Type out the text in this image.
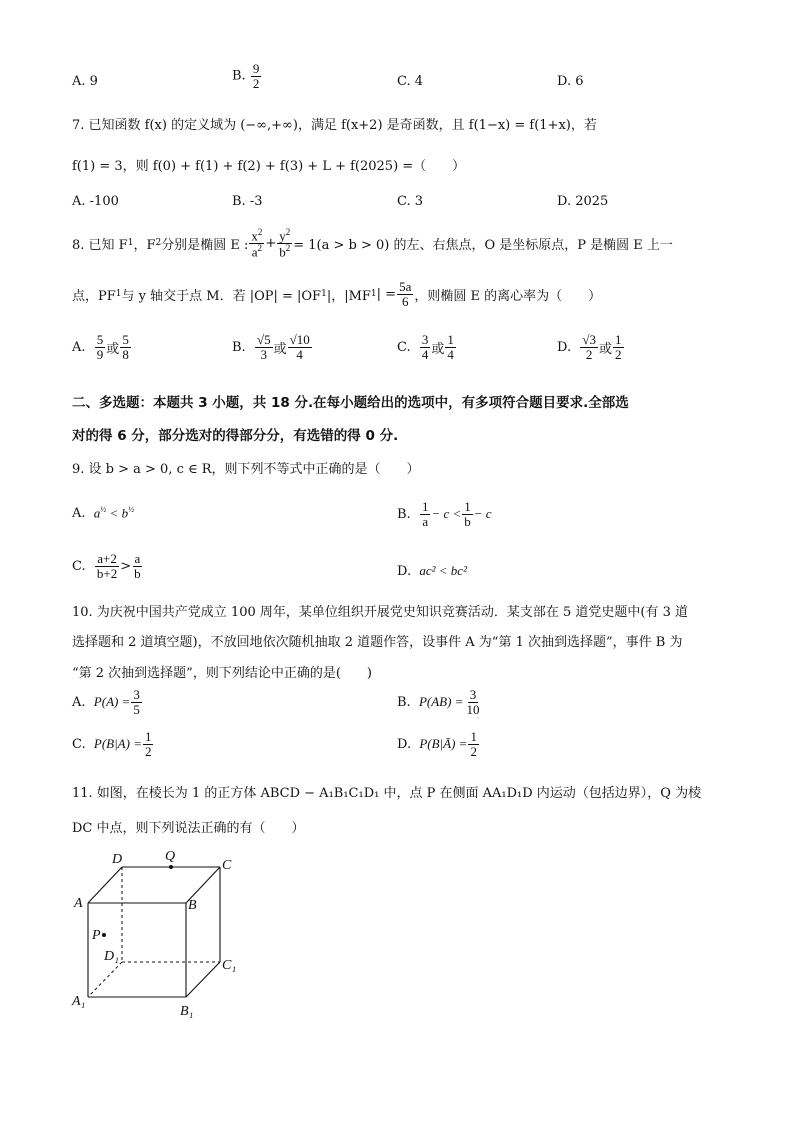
A. 9	B. $\frac{9}{2}$	C. 4	D. 6
7. 已知函数 f(x) 的定义域为 (−∞,+∞)，满足 f(x+2) 是奇函数，且 f(1−x) = f(1+x)，若
f(1) = 3，则 f(0) + f(1) + f(2) + f(3) + L + f(2025) =（　　）
A. -100	B. -3	C. 3	D. 2025
8. 已知 F 1 ，F 2 分别是椭圆 E : $\frac{x^2}{a^2} + \frac{y^2}{b^2} = 1(a > b > 0)$ 的左、右焦点，O 是坐标原点，P 是椭圆 E 上一
点，PF 1 与 y 轴交于点 M．若 |OP| = |OF 1 |，|MF 1 | = $\frac{5a}{6}$ ，则椭圆 E 的离心率为（　　）
A.
$\frac{5}{9}$ 或 $\frac{5}{8}$	B.
$\frac{√5}{3}$ 或 $\frac{√10}{4}$	C.
$\frac{3}{4}$ 或 $\frac{1}{4}$	D.
$\frac{√3}{2}$ 或 $\frac{1}{2}$
二、多选题：本题共 3 小题，共 18 分.在每小题给出的选项中，有多项符合题目要求.全部选
对的得 6 分，部分选对的得部分分，有选错的得 0 分.
9. 设 b > a > 0, c ∈ R，则下列不等式中正确的是（　　）
A.
$a^{\frac{1}{2}} < b^{\frac{1}{2}}$	B.
$\frac{1}{a} - c < \frac{1}{b} - c$
C.
$\frac{a+2}{b+2} > \frac{a}{b}$	D. ac² < bc²
10. 为庆祝中国共产党成立 100 周年，某单位组织开展党史知识竞赛活动．某支部在 5 道党史题中(有 3 道
选择题和 2 道填空题)，不放回地依次随机抽取 2 道题作答，设事件 A 为“第 1 次抽到选择题”，事件 B 为
“第 2 次抽到选择题”，则下列结论中正确的是(　　)
A.
$P(A) = \frac{3}{5}$	B.
$P(AB) = \frac{3}{10}$
C.
$P(B|A) = \frac{1}{2}$	D.
P(B|Ā) = $\frac{1}{2}$
11. 如图，在棱长为 1 的正方体 ABCD − A₁B₁C₁D₁ 中，点 P 在侧面 AA₁D₁D 内运动（包括边界），Q 为棱
DC 中点，则下列说法正确的有（　　）
D	Q
C
A	B
P
D₁
C₁
A₁
B₁
